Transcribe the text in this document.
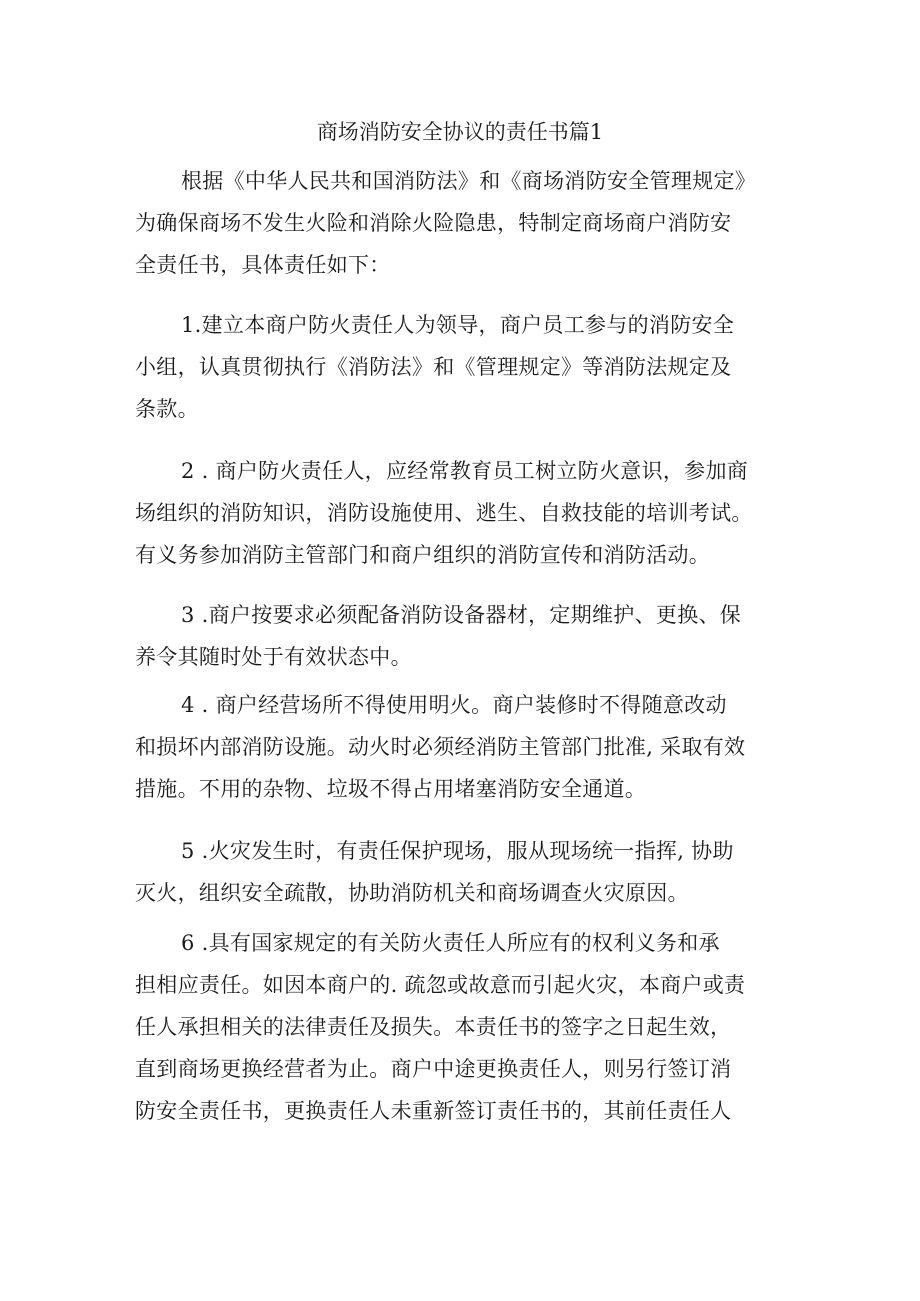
商场消防安全协议的责任书篇1
根据《中华人民共和国消防法》和《商场消防安全管理规定》
为确保商场不发生火险和消除火险隐患，特制定商场商户消防安
全责任书，具体责任如下：
1.建立本商户防火责任人为领导，商户员工参与的消防安全
小组，认真贯彻执行《消防法》和《管理规定》等消防法规定及
条款。
2 . 商户防火责任人，应经常教育员工树立防火意识，参加商
场组织的消防知识，消防设施使用、逃生、自救技能的培训考试。
有义务参加消防主管部门和商户组织的消防宣传和消防活动。
3 .商户按要求必须配备消防设备器材，定期维护、更换、保
养令其随时处于有效状态中。
4 . 商户经营场所不得使用明火。商户装修时不得随意改动
和损坏内部消防设施。动火时必须经消防主管部门批准, 采取有效
措施。不用的杂物、垃圾不得占用堵塞消防安全通道。
5 .火灾发生时，有责任保护现场，服从现场统一指挥, 协助
灭火，组织安全疏散，协助消防机关和商场调查火灾原因。
6 .具有国家规定的有关防火责任人所应有的权利义务和承
担相应责任。如因本商户的. 疏忽或故意而引起火灾，本商户或责
任人承担相关的法律责任及损失。本责任书的签字之日起生效，
直到商场更换经营者为止。商户中途更换责任人，则另行签订消
防安全责任书，更换责任人未重新签订责任书的，其前任责任人
